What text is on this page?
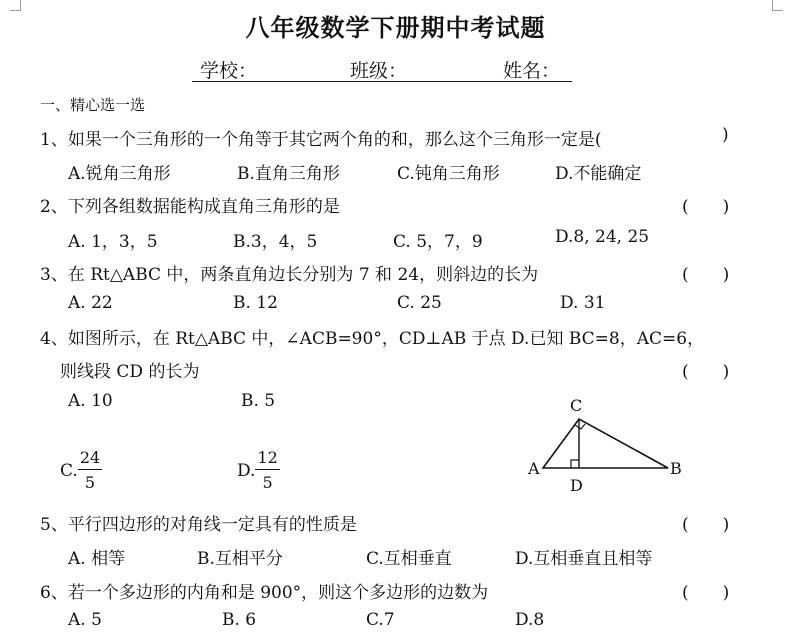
八年级数学下册期中考试题
学校：	班级：	姓名：
一、精心选一选
1、如果一个三角形的一个角等于其它两个角的和，那么这个三角形一定是(	)
A.锐角三角形	B.直角三角形	C.钝角三角形	D.不能确定
2、下列各组数据能构成直角三角形的是	(　　)
A. 1，3，5	B.3，4，5	C. 5，7，9	D.8, 24, 25
3、在 Rt△ABC 中，两条直角边长分别为 7 和 24，则斜边的长为	(　　)
A. 22	B. 12	C. 25	D. 31
4、如图所示，在 Rt△ABC 中，∠ACB=90°，CD⊥AB 于点 D.已知 BC=8，AC=6，
则线段 CD 的长为	(　　)
A. 10	B. 5
C. $\frac{24}{5}$	D. $\frac{12}{5}$
C
A	B
D
5、平行四边形的对角线一定具有的性质是	(　　)
A. 相等	B.互相平分	C.互相垂直	D.互相垂直且相等
6、若一个多边形的内角和是 900°，则这个多边形的边数为	(　　)
A. 5	B. 6	C.7	D.8
